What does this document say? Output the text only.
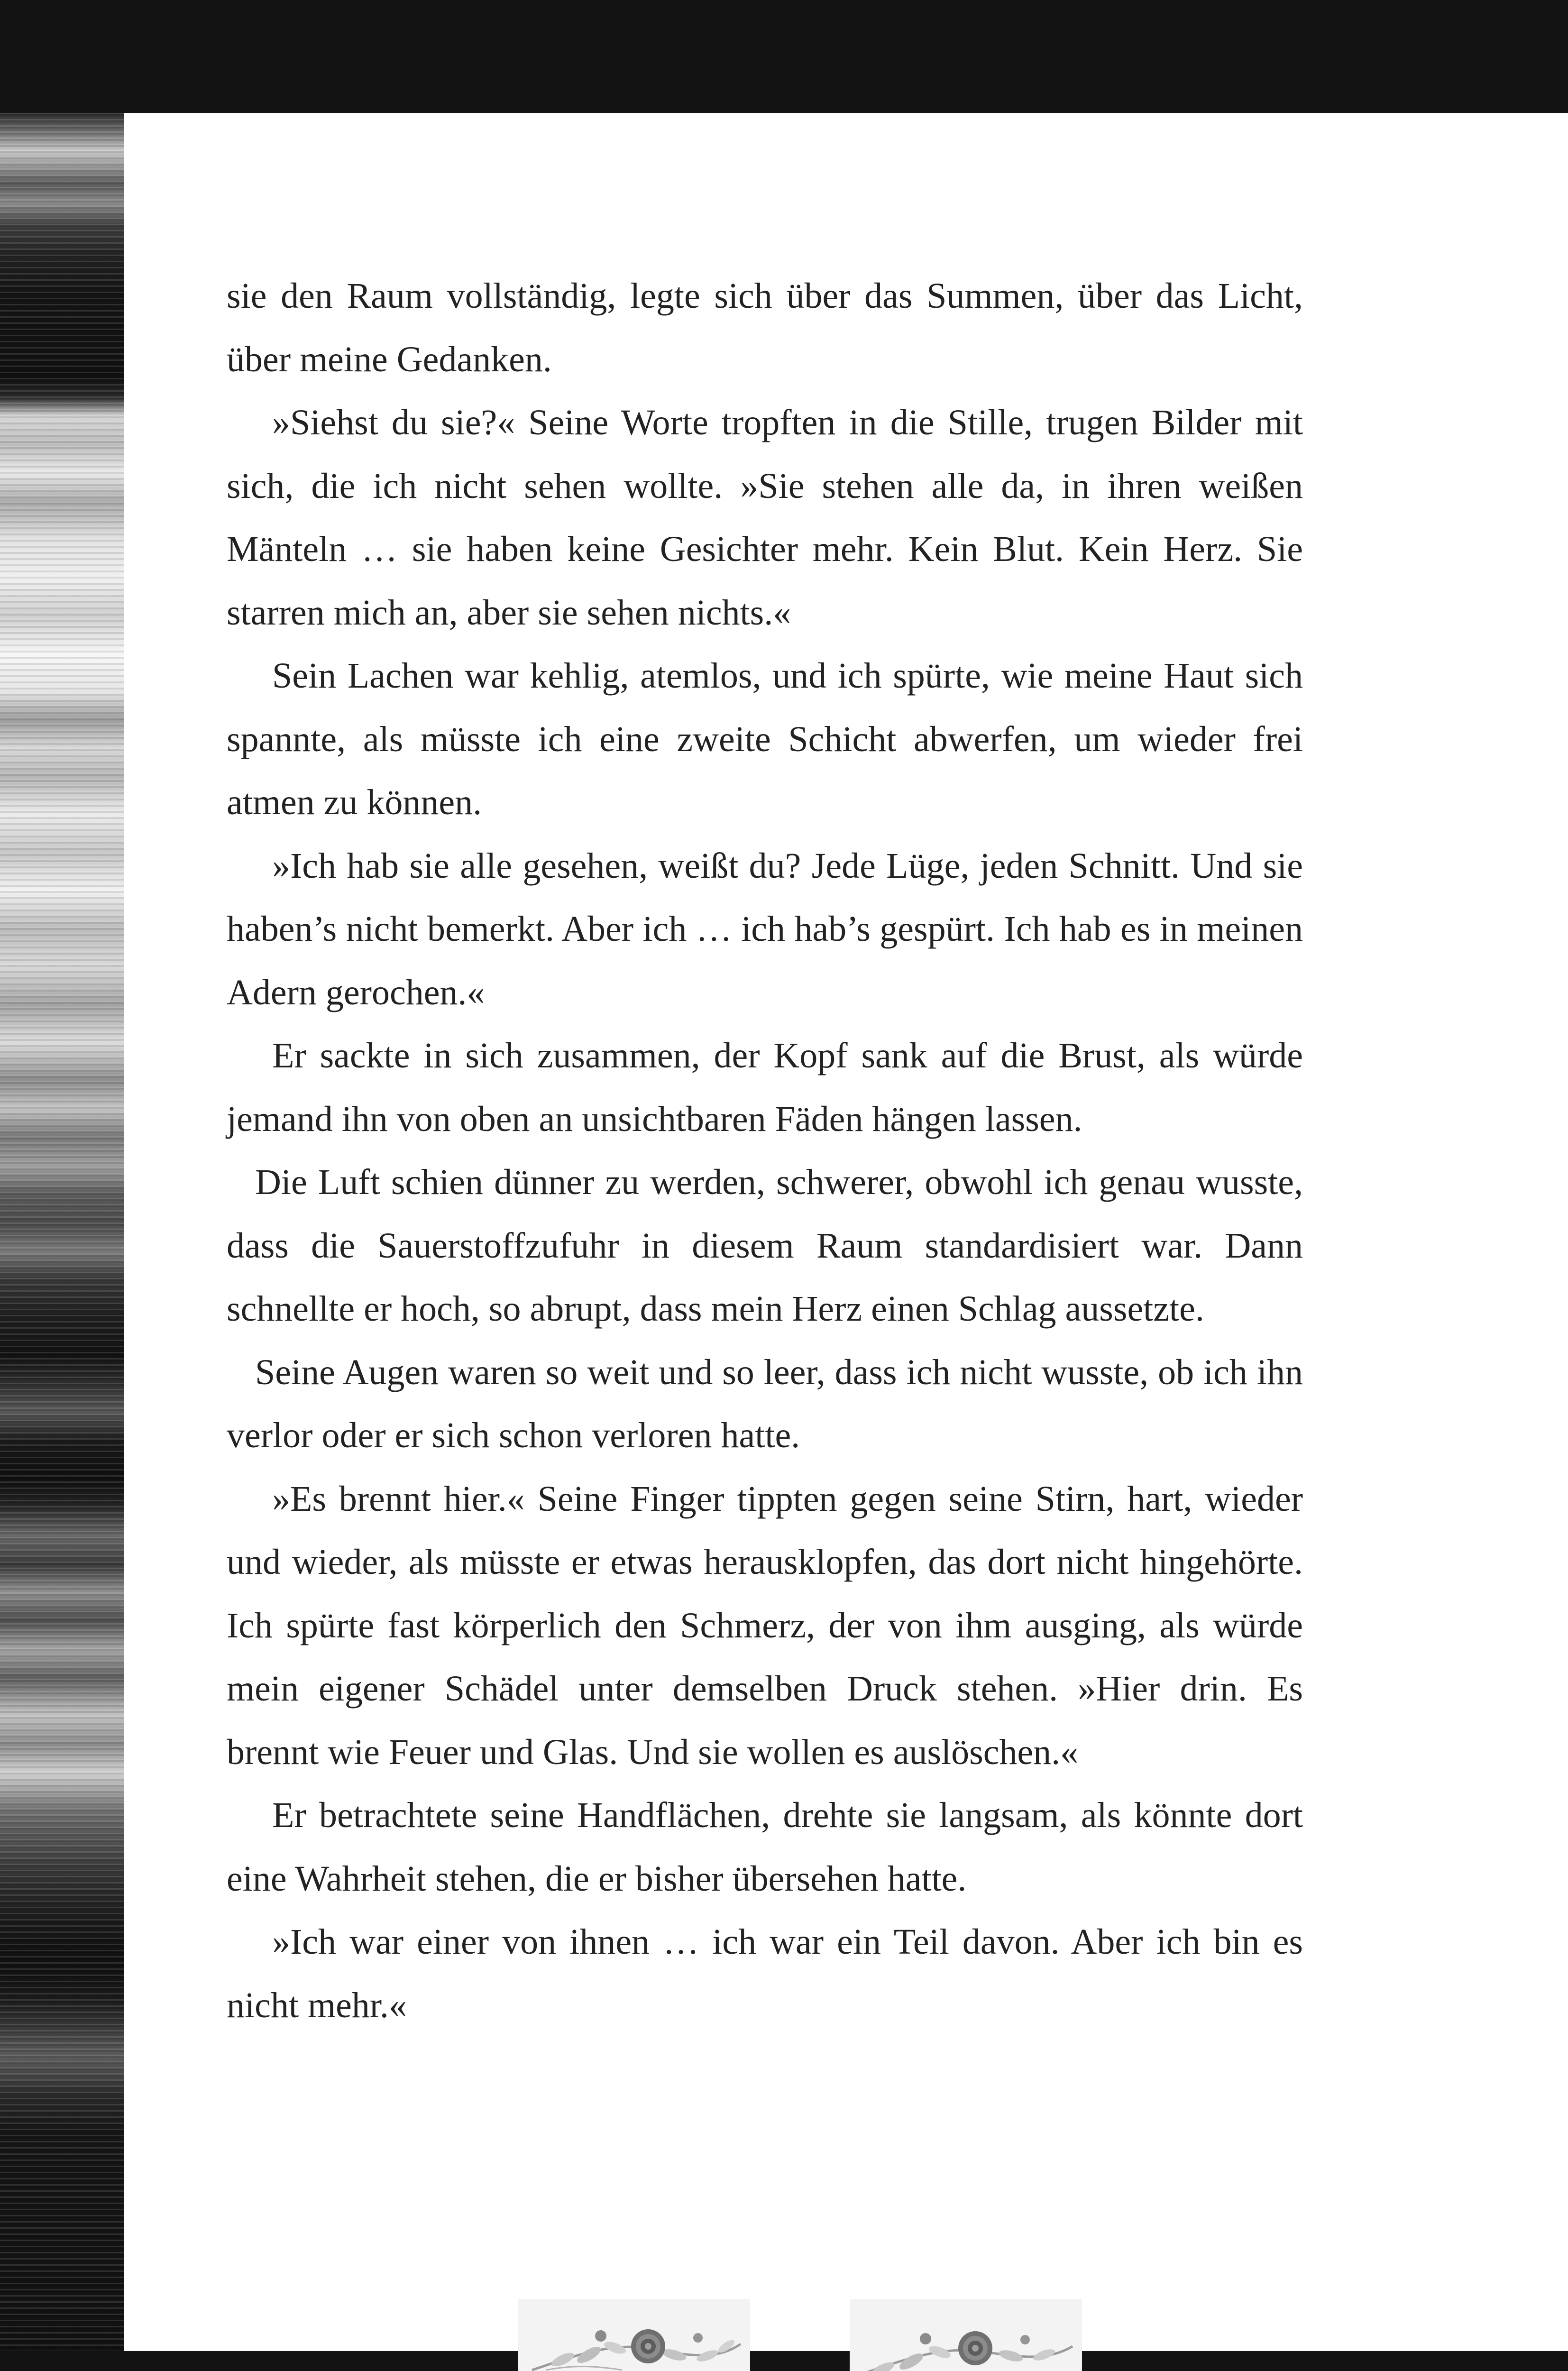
sie den Raum vollständig, legte sich über das Summen, über das Licht, über meine Gedanken.

»Siehst du sie?« Seine Worte tropften in die Stille, trugen Bilder mit sich, die ich nicht sehen wollte. »Sie stehen alle da, in ihren weißen Mänteln … sie haben keine Gesichter mehr. Kein Blut. Kein Herz. Sie starren mich an, aber sie sehen nichts.«

Sein Lachen war kehlig, atemlos, und ich spürte, wie meine Haut sich spannte, als müsste ich eine zweite Schicht abwerfen, um wieder frei atmen zu können.

»Ich hab sie alle gesehen, weißt du? Jede Lüge, jeden Schnitt. Und sie haben’s nicht bemerkt. Aber ich … ich hab’s gespürt. Ich hab es in meinen Adern gerochen.«

Er sackte in sich zusammen, der Kopf sank auf die Brust, als würde jemand ihn von oben an unsichtbaren Fäden hängen lassen.

Die Luft schien dünner zu werden, schwerer, obwohl ich genau wusste, dass die Sauerstoffzufuhr in diesem Raum standardisiert war. Dann schnellte er hoch, so abrupt, dass mein Herz einen Schlag aussetzte.

Seine Augen waren so weit und so leer, dass ich nicht wusste, ob ich ihn verlor oder er sich schon verloren hatte.

»Es brennt hier.« Seine Finger tippten gegen seine Stirn, hart, wieder und wieder, als müsste er etwas herausklopfen, das dort nicht hingehörte. Ich spürte fast körperlich den Schmerz, der von ihm ausging, als würde mein eigener Schädel unter demselben Druck stehen. »Hier drin. Es brennt wie Feuer und Glas. Und sie wollen es auslöschen.«

Er betrachtete seine Handflächen, drehte sie langsam, als könnte dort eine Wahrheit stehen, die er bisher übersehen hatte.

»Ich war einer von ihnen … ich war ein Teil davon. Aber ich bin es nicht mehr.«
